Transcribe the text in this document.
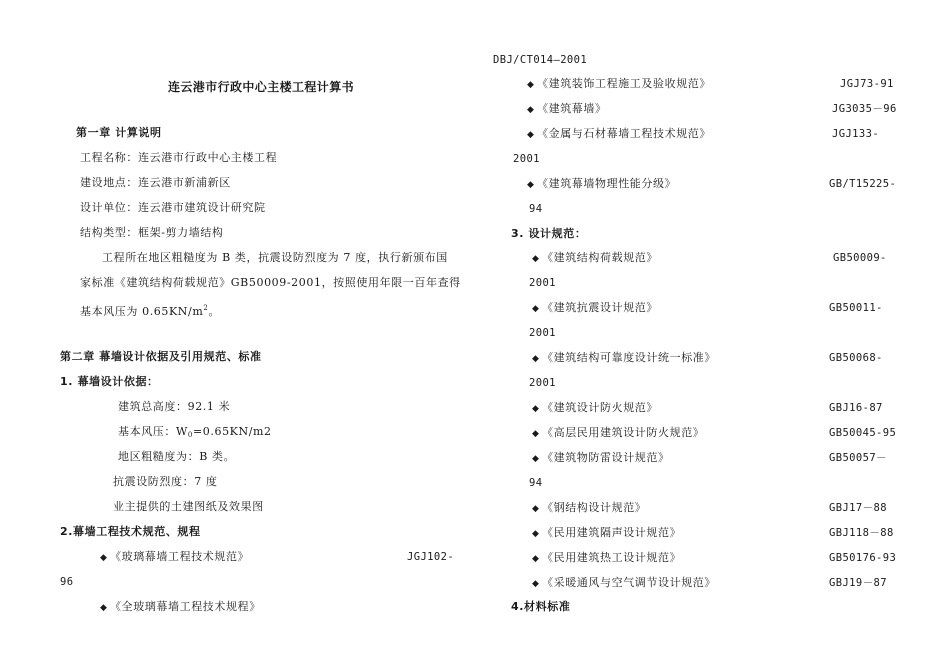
连云港市行政中心主楼工程计算书
第一章 计算说明
工程名称：连云港市行政中心主楼工程
建设地点：连云港市新浦新区
设计单位：连云港市建筑设计研究院
结构类型：框架-剪力墙结构
工程所在地区粗糙度为 B 类，抗震设防烈度为 7 度，执行新颁布国
家标准《建筑结构荷载规范》GB50009-2001，按照使用年限一百年查得
基本风压为 $0.65KN/m^2$。
第二章 幕墙设计依据及引用规范、标准
1. 幕墙设计依据：
建筑总高度：92.1 米
基本风压：$W_0=0.65KN/m2$
地区粗糙度为：B 类。
抗震设防烈度：7 度
业主提供的土建图纸及效果图
2.幕墙工程技术规范、规程
◆ 《玻璃幕墙工程技术规范》	JGJ102-
96
◆ 《全玻璃幕墙工程技术规程》
DBJ/CT014—2001
◆ 《建筑装饰工程施工及验收规范》	JGJ73-91
◆ 《建筑幕墙》	JG3035－96
◆ 《金属与石材幕墙工程技术规范》	JGJ133-
2001
◆ 《建筑幕墙物理性能分级》	GB/T15225-
94
3. 设计规范：
◆ 《建筑结构荷载规范》	GB50009-
2001
◆ 《建筑抗震设计规范》	GB50011-
2001
◆ 《建筑结构可靠度设计统一标准》	GB50068-
2001
◆ 《建筑设计防火规范》	GBJ16-87
◆ 《高层民用建筑设计防火规范》	GB50045-95
◆ 《建筑物防雷设计规范》	GB50057－
94
◆ 《钢结构设计规范》	GBJ17－88
◆ 《民用建筑隔声设计规范》	GBJ118－88
◆ 《民用建筑热工设计规范》	GB50176-93
◆ 《采暖通风与空气调节设计规范》	GBJ19－87
4.材料标准
